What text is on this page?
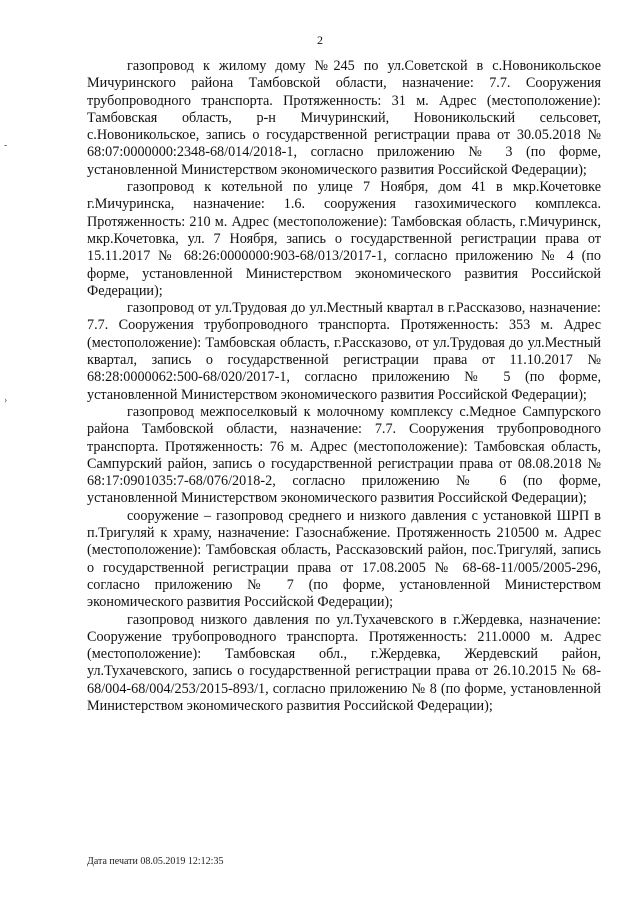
2

газопровод к жилому дому №245 по ул.Советской в с.Новоникольское Мичуринского района Тамбовской области, назначение: 7.7. Сооружения трубопроводного транспорта. Протяженность: 31 м. Адрес (местоположение): Тамбовская область, р-н Мичуринский, Новоникольский сельсовет, с.Новоникольское, запись о государственной регистрации права от 30.05.2018 № 68:07:0000000:2348-68/014/2018-1, согласно приложению № 3 (по форме, установленной Министерством экономического развития Российской Федерации);

газопровод к котельной по улице 7 Ноября, дом 41 в мкр.Кочетовке г.Мичуринска, назначение: 1.6. сооружения газохимического комплекса. Протяженность: 210 м. Адрес (местоположение): Тамбовская область, г.Мичуринск, мкр.Кочетовка, ул. 7 Ноября, запись о государственной регистрации права от 15.11.2017 № 68:26:0000000:903-68/013/2017-1, согласно приложению № 4 (по форме, установленной Министерством экономического развития Российской Федерации);

газопровод от ул.Трудовая до ул.Местный квартал в г.Рассказово, назначение: 7.7. Сооружения трубопроводного транспорта. Протяженность: 353 м. Адрес (местоположение): Тамбовская область, г.Рассказово, от ул.Трудовая до ул.Местный квартал, запись о государственной регистрации права от 11.10.2017 № 68:28:0000062:500-68/020/2017-1, согласно приложению № 5 (по форме, установленной Министерством экономического развития Российской Федерации);

газопровод межпоселковый к молочному комплексу с.Медное Сампурского района Тамбовской области, назначение: 7.7. Сооружения трубопроводного транспорта. Протяженность: 76 м. Адрес (местоположение): Тамбовская область, Сампурский район, запись о государственной регистрации права от 08.08.2018 № 68:17:0901035:7-68/076/2018-2, согласно приложению № 6 (по форме, установленной Министерством экономического развития Российской Федерации);

сооружение – газопровод среднего и низкого давления с установкой ШРП в п.Тригуляй к храму, назначение: Газоснабжение. Протяженность 210500 м. Адрес (местоположение): Тамбовская область, Рассказовский район, пос.Тригуляй, запись о государственной регистрации права от 17.08.2005 № 68-68-11/005/2005-296, согласно приложению № 7 (по форме, установленной Министерством экономического развития Российской Федерации);

газопровод низкого давления по ул.Тухачевского в г.Жердевка, назначение: Сооружение трубопроводного транспорта. Протяженность: 211.0000 м. Адрес (местоположение): Тамбовская обл., г.Жердевка, Жердевский район, ул.Тухачевского, запись о государственной регистрации права от 26.10.2015 № 68-68/004-68/004/253/2015-893/1, согласно приложению № 8 (по форме, установленной Министерством экономического развития Российской Федерации);

-
›
Дата печати 08.05.2019 12:12:35
